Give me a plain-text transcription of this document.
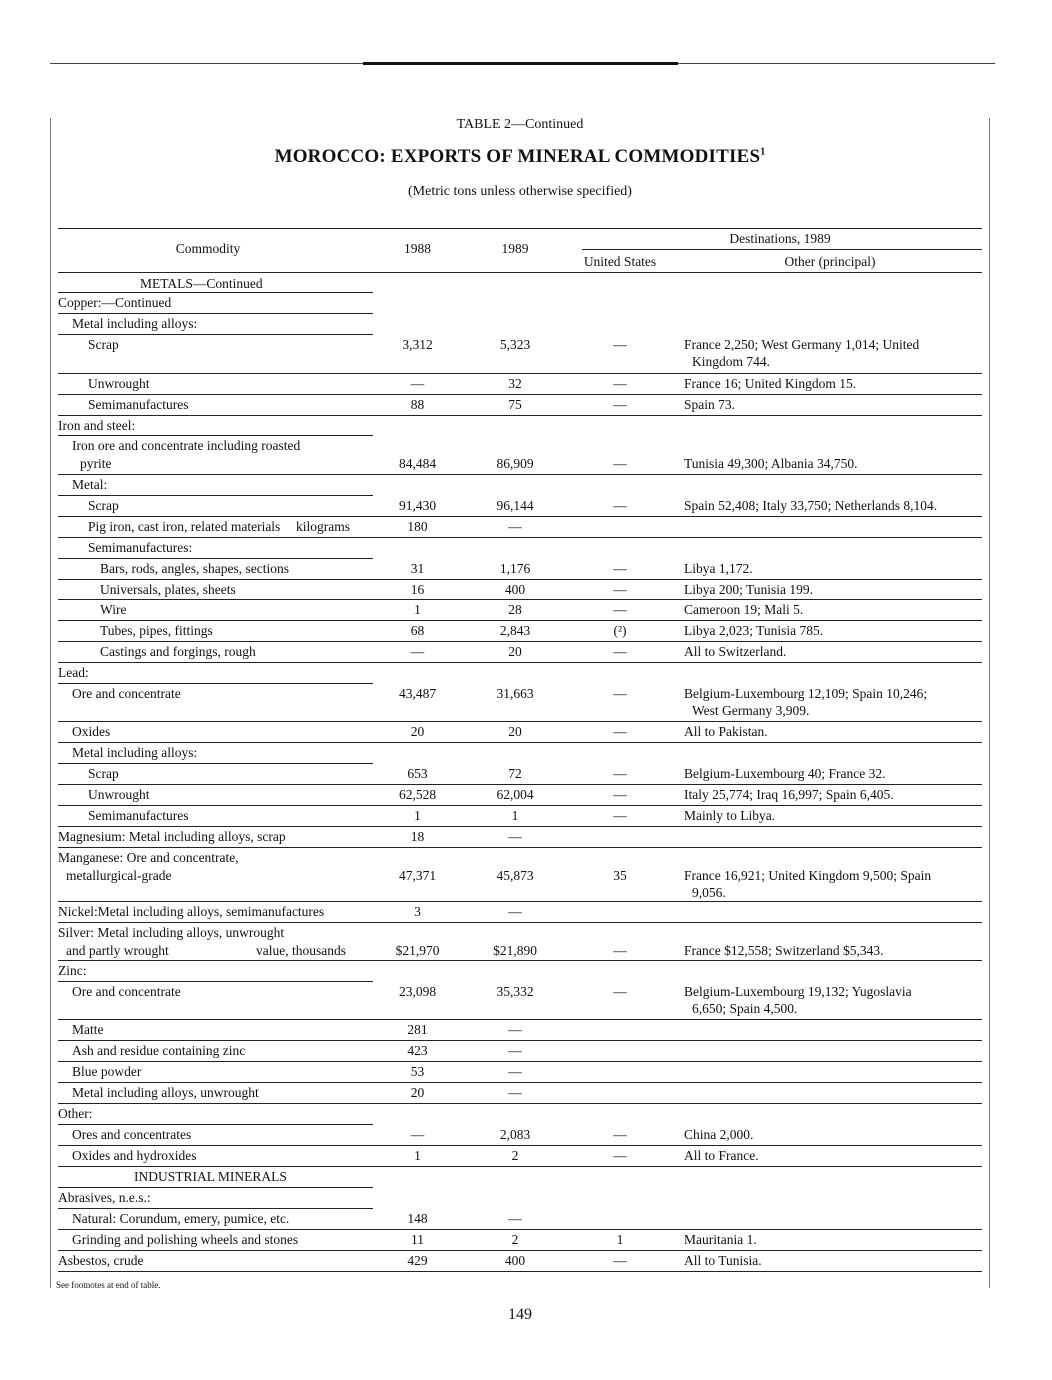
TABLE 2—Continued
MOROCCO: EXPORTS OF MINERAL COMMODITIES$^1$
(Metric tons unless otherwise specified)
Commodity	1988	1989
Destinations, 1989
United States	Other (principal)
METALS—Continued
Copper:—Continued
Metal including alloys:
Scrap	3,312	5,323	—	France 2,250; West Germany 1,014; United
Kingdom 744.
Unwrought	—	32	—	France 16; United Kingdom 15.
Semimanufactures	88	75	—	Spain 73.
Iron and steel:
Iron ore and concentrate including roasted
pyrite	84,484	86,909	—	Tunisia 49,300; Albania 34,750.
Metal:
Scrap	91,430	96,144	—	Spain 52,408; Italy 33,750; Netherlands 8,104.
Pig iron, cast iron, related materials kilograms	180	—
Semimanufactures:
Bars, rods, angles, shapes, sections	31	1,176	—	Libya 1,172.
Universals, plates, sheets	16	400	—	Libya 200; Tunisia 199.
Wire	1	28	—	Cameroon 19; Mali 5.
Tubes, pipes, fittings	68	2,843	(²)	Libya 2,023; Tunisia 785.
Castings and forgings, rough	—	20	—	All to Switzerland.
Lead:
Ore and concentrate	43,487	31,663	—	Belgium-Luxembourg 12,109; Spain 10,246;
West Germany 3,909.
Oxides	20	20	—	All to Pakistan.
Metal including alloys:
Scrap	653	72	—	Belgium-Luxembourg 40; France 32.
Unwrought	62,528	62,004	—	Italy 25,774; Iraq 16,997; Spain 6,405.
Semimanufactures	1	1	—	Mainly to Libya.
Magnesium: Metal including alloys, scrap	18	—
Manganese: Ore and concentrate,
metallurgical-grade	47,371	45,873	35	France 16,921; United Kingdom 9,500; Spain
9,056.
Nickel:Metal including alloys, semimanufactures	3	—
Silver: Metal including alloys, unwrought
and partly wrought	value, thousands	$21,970	$21,890	—	France $12,558; Switzerland $5,343.
Zinc:
Ore and concentrate	23,098	35,332	—	Belgium-Luxembourg 19,132; Yugoslavia
6,650; Spain 4,500.
Matte	281	—
Ash and residue containing zinc	423	—
Blue powder	53	—
Metal including alloys, unwrought	20	—
Other:
Ores and concentrates	—	2,083	—	China 2,000.
Oxides and hydroxides	1	2	—	All to France.
INDUSTRIAL MINERALS
Abrasives, n.e.s.:
Natural: Corundum, emery, pumice, etc.	148	—
Grinding and polishing wheels and stones	11	2	1	Mauritania 1.
Asbestos, crude	429	400	—	All to Tunisia.
See footnotes at end of table.
149
